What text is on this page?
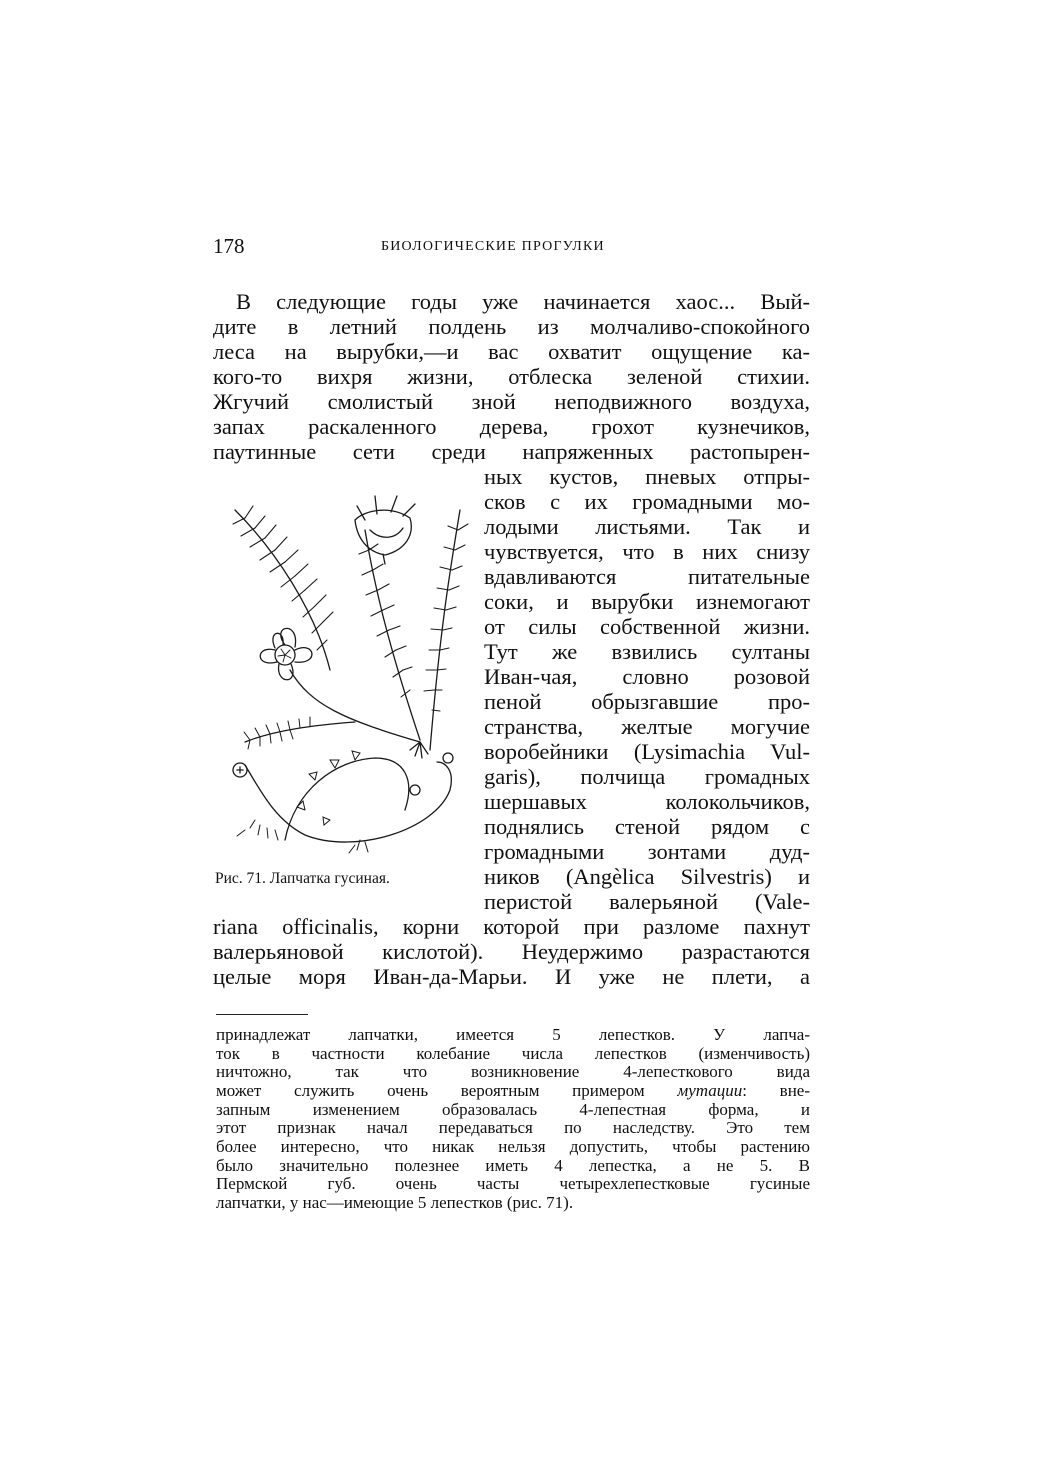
178	БИОЛОГИЧЕСКИЕ ПРОГУЛКИ
В следующие годы уже начинается хаос... Вый-
дите в летний полдень из молчаливо-спокойного
леса на вырубки,—и вас охватит ощущение ка-
кого-то вихря жизни, отблеска зеленой стихии.
Жгучий смолистый зной неподвижного воздуха,
запах раскаленного дерева, грохот кузнечиков,
паутинные сети среди напряженных растопырен-
ных кустов, пневых отпры-
сков с их громадными мо-
лодыми листьями. Так и
чувствуется, что в них снизу
вдавливаются питательные
соки, и вырубки изнемогают
от силы собственной жизни.
Тут же взвились султаны
Иван-чая, словно розовой
пеной обрызгавшие про-
странства, желтые могучие
воробейники (Lysimachia Vul-
garis), полчища громадных
шершавых колокольчиков,
поднялись стеной рядом с
громадными зонтами дуд-
ников (Angèlica Silvestris) и
перистой валерьяной (Vale-
riana officinalis, корни которой при разломе пахнут
валерьяновой кислотой). Неудержимо разрастаются
целые моря Иван-да-Марьи. И уже не плети, а
Рис. 71. Лапчатка гусиная.
принадлежат лапчатки, имеется 5 лепестков. У лапча-
ток в частности колебание числа лепестков (изменчивость)
ничтожно, так что возникновение 4-лепесткового вида
может служить очень вероятным примером мутации: вне-
запным изменением образовалась 4-лепестная форма, и
этот признак начал передаваться по наследству. Это тем
более интересно, что никак нельзя допустить, чтобы растению
было значительно полезнее иметь 4 лепестка, а не 5. В
Пермской губ. очень часты четырехлепестковые гусиные
лапчатки, у нас—имеющие 5 лепестков (рис. 71).
